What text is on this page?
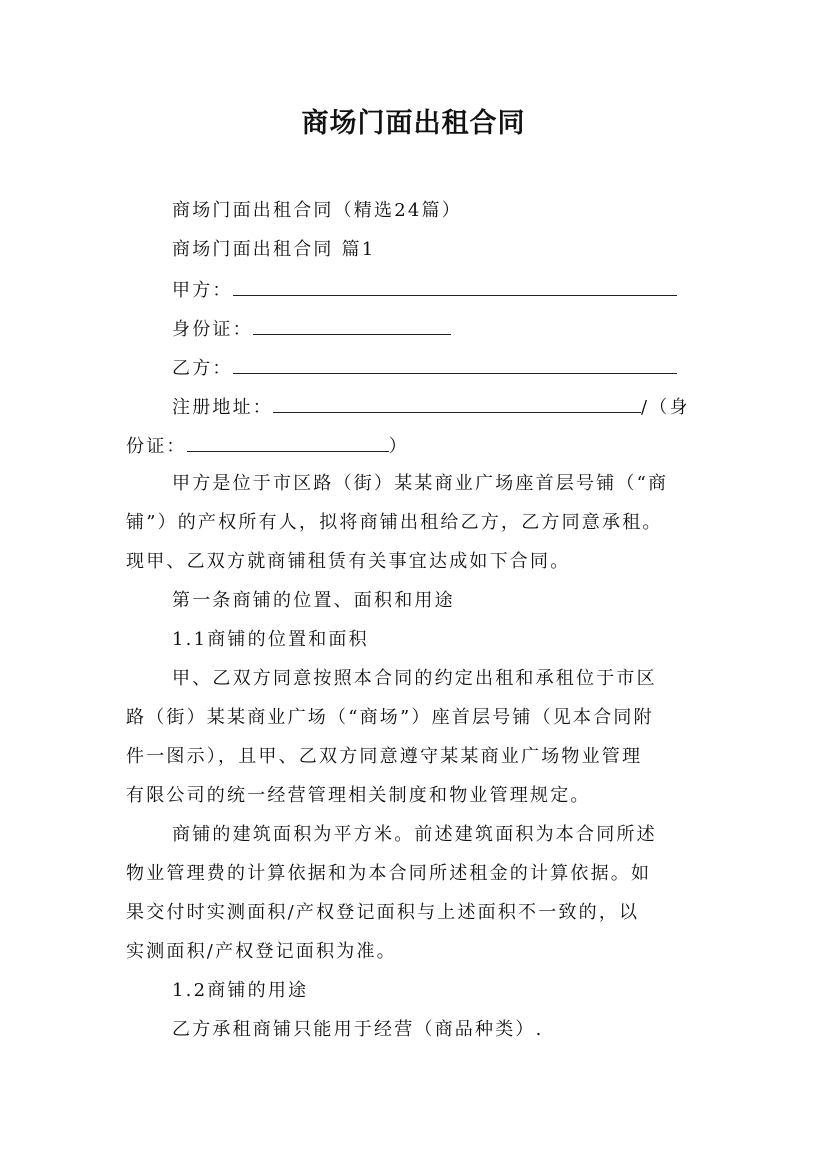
商场门面出租合同
商场门面出租合同（精选24篇）
商场门面出租合同 篇1
甲方：
身份证：
乙方：
注册地址：	/（身
份证：	）
甲方是位于市区路（街）某某商业广场座首层号铺（“商
铺”）的产权所有人，拟将商铺出租给乙方，乙方同意承租。
现甲、乙双方就商铺租赁有关事宜达成如下合同。
第一条商铺的位置、面积和用途
1.1商铺的位置和面积
甲、乙双方同意按照本合同的约定出租和承租位于市区
路（街）某某商业广场（“商场”）座首层号铺（见本合同附
件一图示），且甲、乙双方同意遵守某某商业广场物业管理
有限公司的统一经营管理相关制度和物业管理规定。
商铺的建筑面积为平方米。前述建筑面积为本合同所述
物业管理费的计算依据和为本合同所述租金的计算依据。如
果交付时实测面积/产权登记面积与上述面积不一致的，以
实测面积/产权登记面积为准。
1.2商铺的用途
乙方承租商铺只能用于经营（商品种类）.
